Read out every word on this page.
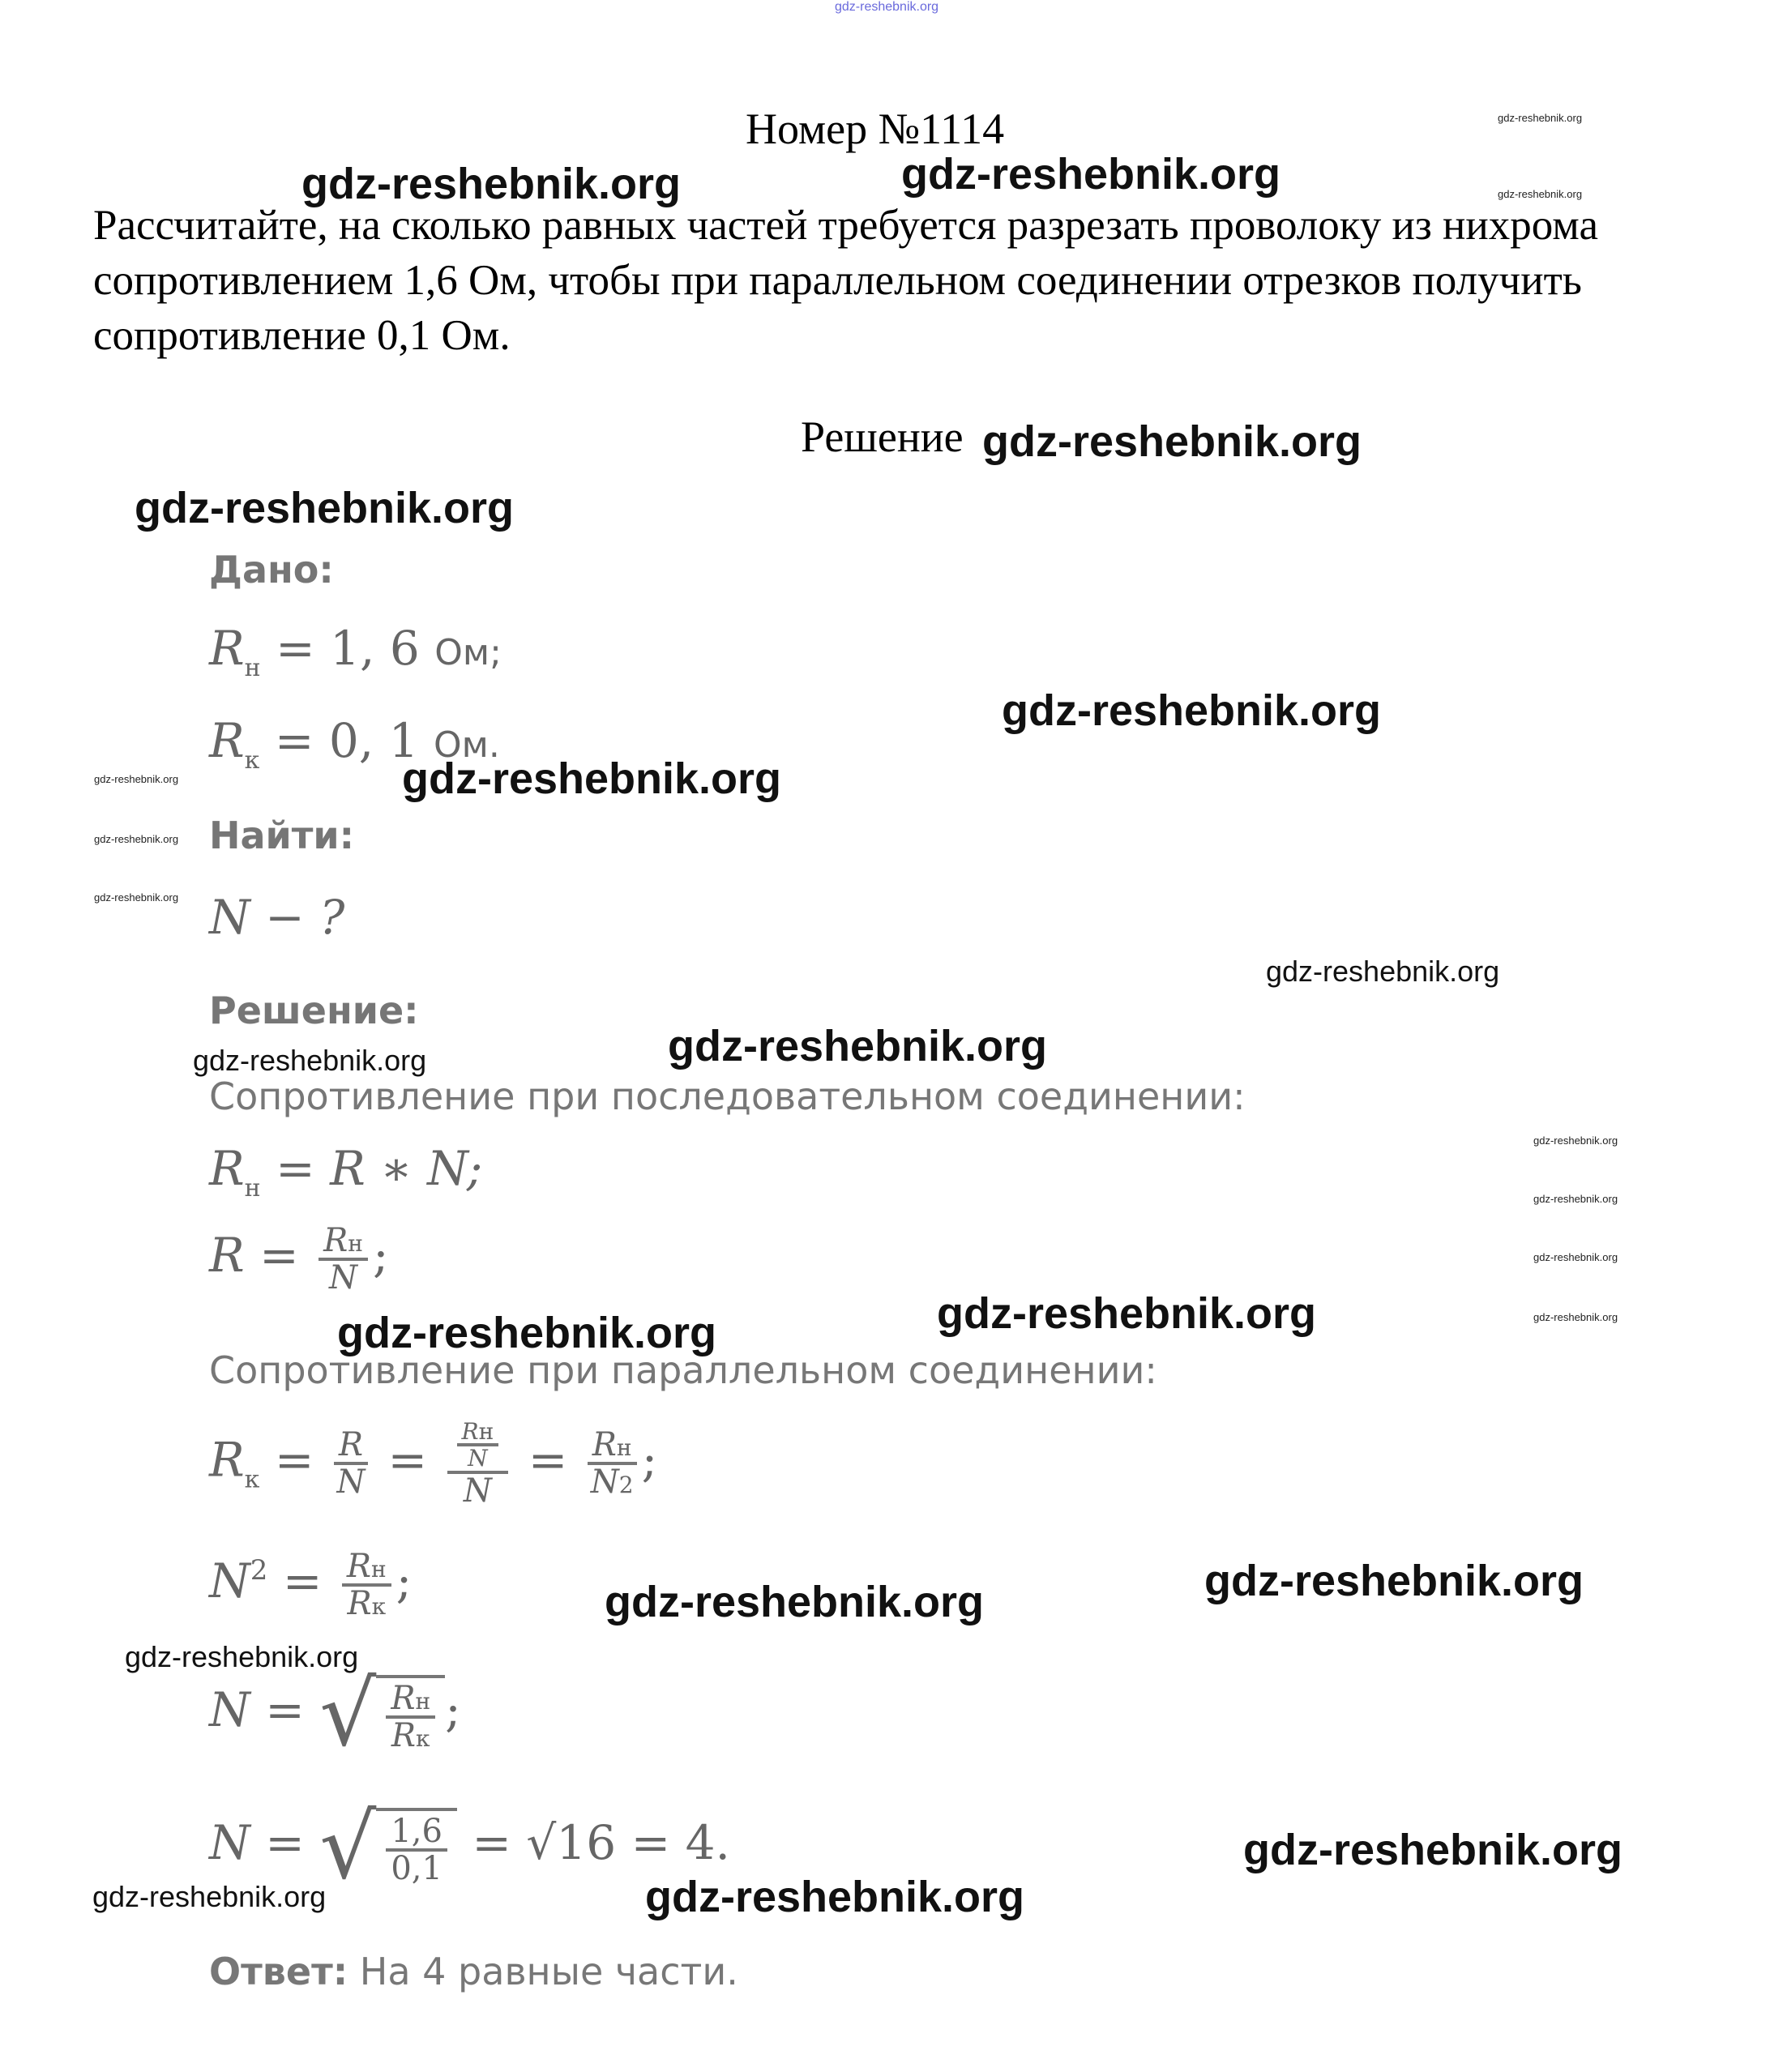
gdz-reshebnik.org
Номер №1114
Рассчитайте, на сколько равных частей требуется разрезать проволоку из нихрома сопротивлением 1,6 Ом, чтобы при параллельном соединении отрезков получить сопротивление 0,1 Ом.
Решение
Дано:
$R_н = 1$, 6 Ом;
$R_к = 0$, 1 Ом.
Найти:
N − ?
Решение:
Сопротивление при последовательном соединении:
$R_н = R$ ∗ N;
$R = \frac{Rн}{N}$ ;
Сопротивление при параллельном соединении:
$R_к = \frac{R}{N} = \frac{\frac{Rн}{N}}{N} = \frac{Rн}{N2}$ ;
$N^2 = \frac{Rн}{Rк}$ ;
N = √ $\frac{Rн}{Rк}$ ;
N = √ $\frac{1,6}{0,1} = √16 = 4$.
Ответ: На 4 равные части.
gdz-reshebnik.org	gdz-reshebnik.org
gdz-reshebnik.org
gdz-reshebnik.org
gdz-reshebnik.org
gdz-reshebnik.org
gdz-reshebnik.org
gdz-reshebnik.org	gdz-reshebnik.org
gdz-reshebnik.org	gdz-reshebnik.org
gdz-reshebnik.org
gdz-reshebnik.org
gdz-reshebnik.org
gdz-reshebnik.org
gdz-reshebnik.org
gdz-reshebnik.org
gdz-reshebnik.org
gdz-reshebnik.org
gdz-reshebnik.org
gdz-reshebnik.org
gdz-reshebnik.org
gdz-reshebnik.org
gdz-reshebnik.org
gdz-reshebnik.org
gdz-reshebnik.org
